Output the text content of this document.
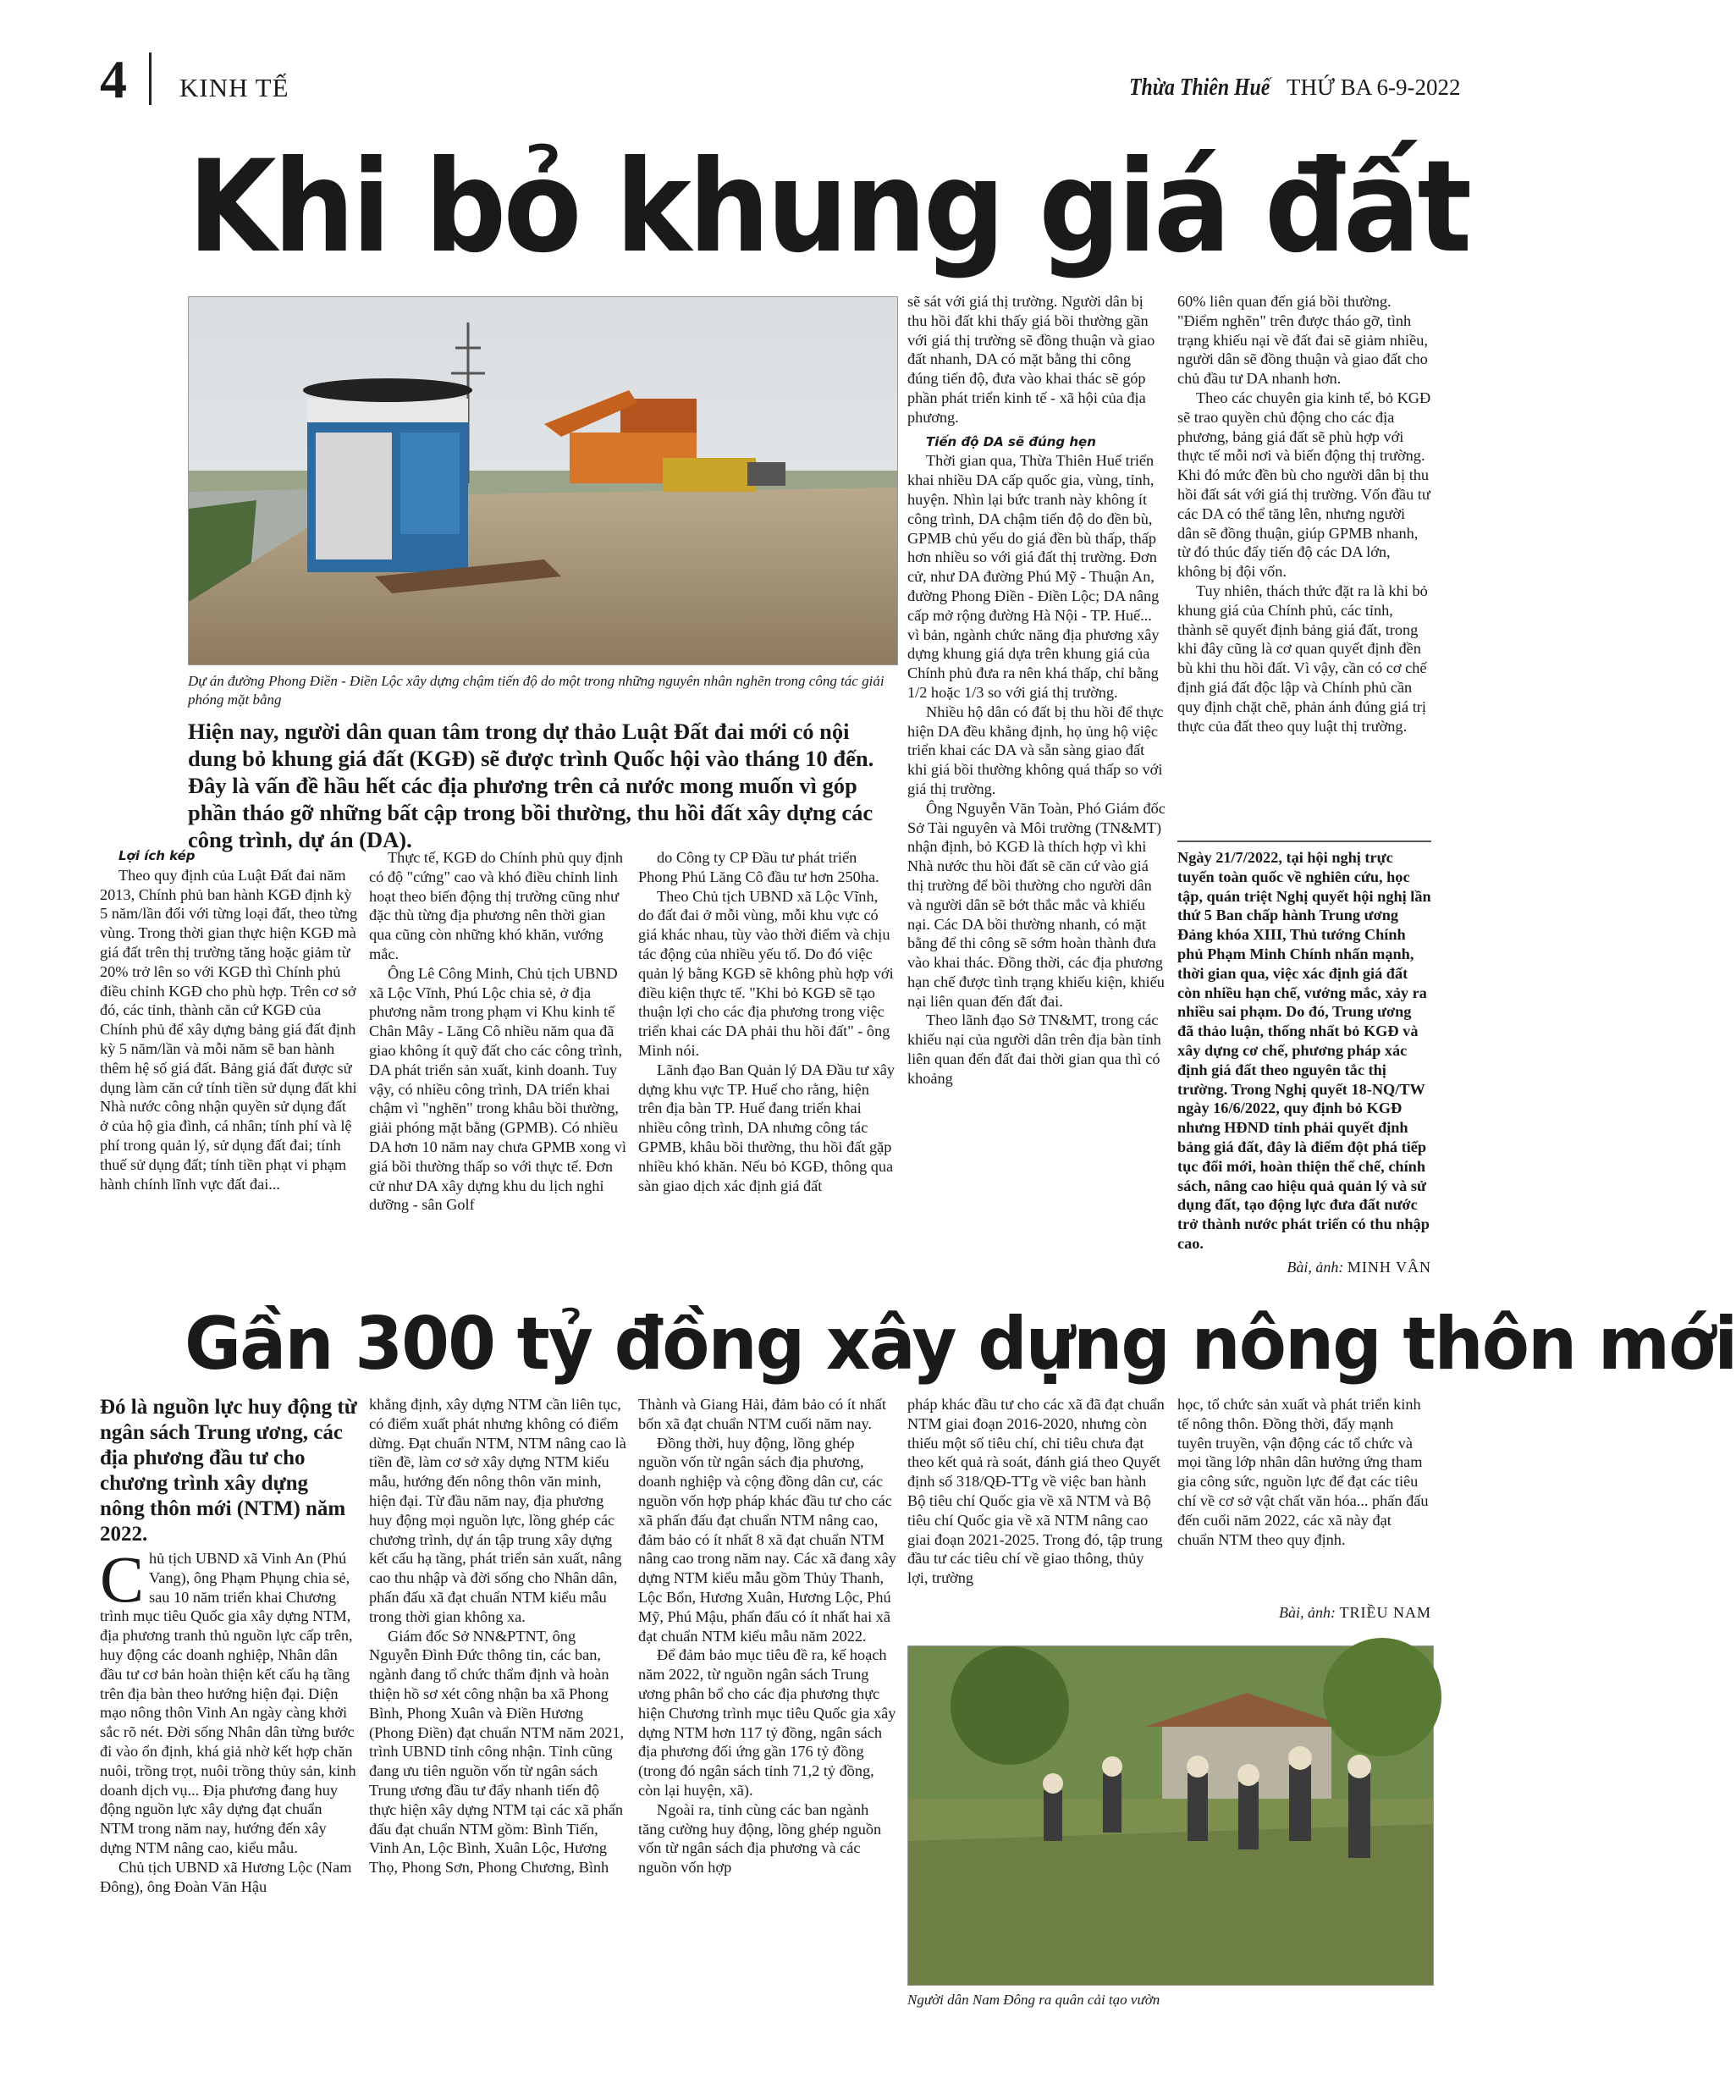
4 KINH TẾ	Thừa Thiên Huế THỨ BA 6-9-2022
Khi bỏ khung giá đất
Dự án đường Phong Điền - Điền Lộc xây dựng chậm tiến độ do một trong những nguyên nhân nghẽn trong công tác giải phóng mặt bằng
Hiện nay, người dân quan tâm trong dự thảo Luật Đất đai mới có nội dung bỏ khung giá đất (KGĐ) sẽ được trình Quốc hội vào tháng 10 đến. Đây là vấn đề hầu hết các địa phương trên cả nước mong muốn vì góp phần tháo gỡ những bất cập trong bồi thường, thu hồi đất xây dựng các công trình, dự án (DA).

Lợi ích kép

Theo quy định của Luật Đất đai năm 2013, Chính phủ ban hành KGĐ định kỳ 5 năm/lần đối với từng loại đất, theo từng vùng. Trong thời gian thực hiện KGĐ mà giá đất trên thị trường tăng hoặc giảm từ 20% trở lên so với KGĐ thì Chính phủ điều chỉnh KGĐ cho phù hợp. Trên cơ sở đó, các tỉnh, thành căn cứ KGĐ của Chính phủ để xây dựng bảng giá đất định kỳ 5 năm/lần và mỗi năm sẽ ban hành thêm hệ số giá đất. Bảng giá đất được sử dụng làm căn cứ tính tiền sử dụng đất khi Nhà nước công nhận quyền sử dụng đất ở của hộ gia đình, cá nhân; tính phí và lệ phí trong quản lý, sử dụng đất đai; tính thuế sử dụng đất; tính tiền phạt vi phạm hành chính lĩnh vực đất đai...

Thực tế, KGĐ do Chính phủ quy định có độ "cứng" cao và khó điều chỉnh linh hoạt theo biến động thị trường cũng như đặc thù từng địa phương nên thời gian qua cũng còn những khó khăn, vướng mắc.

Ông Lê Công Minh, Chủ tịch UBND xã Lộc Vĩnh, Phú Lộc chia sẻ, ở địa phương nằm trong phạm vi Khu kinh tế Chân Mây - Lăng Cô nhiều năm qua đã giao không ít quỹ đất cho các công trình, DA phát triển sản xuất, kinh doanh. Tuy vậy, có nhiều công trình, DA triển khai chậm vì "nghẽn" trong khâu bồi thường, giải phóng mặt bằng (GPMB). Có nhiều DA hơn 10 năm nay chưa GPMB xong vì giá bồi thường thấp so với thực tế. Đơn cử như DA xây dựng khu du lịch nghỉ dưỡng - sân Golf

do Công ty CP Đầu tư phát triển Phong Phú Lăng Cô đầu tư hơn 250ha.

Theo Chủ tịch UBND xã Lộc Vĩnh, do đất đai ở mỗi vùng, mỗi khu vực có giá khác nhau, tùy vào thời điểm và chịu tác động của nhiều yếu tố. Do đó việc quản lý bằng KGĐ sẽ không phù hợp với điều kiện thực tế. "Khi bỏ KGĐ sẽ tạo thuận lợi cho các địa phương trong việc triển khai các DA phải thu hồi đất" - ông Minh nói.

Lãnh đạo Ban Quản lý DA Đầu tư xây dựng khu vực TP. Huế cho rằng, hiện trên địa bàn TP. Huế đang triển khai nhiều công trình, DA nhưng công tác GPMB, khâu bồi thường, thu hồi đất gặp nhiều khó khăn. Nếu bỏ KGĐ, thông qua sàn giao dịch xác định giá đất

sẽ sát với giá thị trường. Người dân bị thu hồi đất khi thấy giá bồi thường gần với giá thị trường sẽ đồng thuận và giao đất nhanh, DA có mặt bằng thi công đúng tiến độ, đưa vào khai thác sẽ góp phần phát triển kinh tế - xã hội của địa phương.

Tiến độ DA sẽ đúng hẹn

Thời gian qua, Thừa Thiên Huế triển khai nhiều DA cấp quốc gia, vùng, tỉnh, huyện. Nhìn lại bức tranh này không ít công trình, DA chậm tiến độ do đền bù, GPMB chủ yếu do giá đền bù thấp, thấp hơn nhiều so với giá đất thị trường. Đơn cử, như DA đường Phú Mỹ - Thuận An, đường Phong Điền - Điền Lộc; DA nâng cấp mở rộng đường Hà Nội - TP. Huế... vì bản, ngành chức năng địa phương xây dựng khung giá dựa trên khung giá của Chính phủ đưa ra nên khá thấp, chỉ bằng 1/2 hoặc 1/3 so với giá thị trường.

Nhiều hộ dân có đất bị thu hồi để thực hiện DA đều khẳng định, họ ủng hộ việc triển khai các DA và sẵn sàng giao đất khi giá bồi thường không quá thấp so với giá thị trường.

Ông Nguyễn Văn Toàn, Phó Giám đốc Sở Tài nguyên và Môi trường (TN&MT) nhận định, bỏ KGĐ là thích hợp vì khi Nhà nước thu hồi đất sẽ căn cứ vào giá thị trường để bồi thường cho người dân và người dân sẽ bớt thắc mắc và khiếu nại. Các DA bồi thường nhanh, có mặt bằng để thi công sẽ sớm hoàn thành đưa vào khai thác. Đồng thời, các địa phương hạn chế được tình trạng khiếu kiện, khiếu nại liên quan đến đất đai.

Theo lãnh đạo Sở TN&MT, trong các khiếu nại của người dân trên địa bàn tỉnh liên quan đến đất đai thời gian qua thì có khoảng

60% liên quan đến giá bồi thường. "Điểm nghẽn" trên được tháo gỡ, tình trạng khiếu nại về đất đai sẽ giảm nhiều, người dân sẽ đồng thuận và giao đất cho chủ đầu tư DA nhanh hơn.

Theo các chuyên gia kinh tế, bỏ KGĐ sẽ trao quyền chủ động cho các địa phương, bảng giá đất sẽ phù hợp với thực tế mỗi nơi và biến động thị trường. Khi đó mức đền bù cho người dân bị thu hồi đất sát với giá thị trường. Vốn đầu tư các DA có thể tăng lên, nhưng người dân sẽ đồng thuận, giúp GPMB nhanh, từ đó thúc đẩy tiến độ các DA lớn, không bị đội vốn.

Tuy nhiên, thách thức đặt ra là khi bỏ khung giá của Chính phủ, các tỉnh, thành sẽ quyết định bảng giá đất, trong khi đây cũng là cơ quan quyết định đền bù khi thu hồi đất. Vì vậy, cần có cơ chế định giá đất độc lập và Chính phủ cần quy định chặt chẽ, phản ánh đúng giá trị thực của đất theo quy luật thị trường.

Ngày 21/7/2022, tại hội nghị trực tuyến toàn quốc về nghiên cứu, học tập, quán triệt Nghị quyết hội nghị lần thứ 5 Ban chấp hành Trung ương Đảng khóa XIII, Thủ tướng Chính phủ Phạm Minh Chính nhấn mạnh, thời gian qua, việc xác định giá đất còn nhiều hạn chế, vướng mắc, xảy ra nhiều sai phạm. Do đó, Trung ương đã thảo luận, thống nhất bỏ KGĐ và xây dựng cơ chế, phương pháp xác định giá đất theo nguyên tắc thị trường. Trong Nghị quyết 18-NQ/TW ngày 16/6/2022, quy định bỏ KGĐ nhưng HĐND tỉnh phải quyết định bảng giá đất, đây là điểm đột phá tiếp tục đổi mới, hoàn thiện thể chế, chính sách, nâng cao hiệu quả quản lý và sử dụng đất, tạo động lực đưa đất nước trở thành nước phát triển có thu nhập cao.
Bài, ảnh: MINH VÂN
Gần 300 tỷ đồng xây dựng nông thôn mới
Đó là nguồn lực huy động từ ngân sách Trung ương, các địa phương đầu tư cho chương trình xây dựng nông thôn mới (NTM) năm 2022.

Chủ tịch UBND xã Vinh An (Phú Vang), ông Phạm Phụng chia sẻ, sau 10 năm triển khai Chương trình mục tiêu Quốc gia xây dựng NTM, địa phương tranh thủ nguồn lực cấp trên, huy động các doanh nghiệp, Nhân dân đầu tư cơ bản hoàn thiện kết cấu hạ tầng trên địa bàn theo hướng hiện đại. Diện mạo nông thôn Vinh An ngày càng khởi sắc rõ nét. Đời sống Nhân dân từng bước đi vào ổn định, khá giả nhờ kết hợp chăn nuôi, trồng trọt, nuôi trồng thủy sản, kinh doanh dịch vụ... Địa phương đang huy động nguồn lực xây dựng đạt chuẩn NTM trong năm nay, hướng đến xây dựng NTM nâng cao, kiểu mẫu.

Chủ tịch UBND xã Hương Lộc (Nam Đông), ông Đoàn Văn Hậu

khẳng định, xây dựng NTM cần liên tục, có điểm xuất phát nhưng không có điểm dừng. Đạt chuẩn NTM, NTM nâng cao là tiền đề, làm cơ sở xây dựng NTM kiểu mẫu, hướng đến nông thôn văn minh, hiện đại. Từ đầu năm nay, địa phương huy động mọi nguồn lực, lồng ghép các chương trình, dự án tập trung xây dựng kết cấu hạ tầng, phát triển sản xuất, nâng cao thu nhập và đời sống cho Nhân dân, phấn đấu xã đạt chuẩn NTM kiểu mẫu trong thời gian không xa.

Giám đốc Sở NN&PTNT, ông Nguyễn Đình Đức thông tin, các ban, ngành đang tổ chức thẩm định và hoàn thiện hồ sơ xét công nhận ba xã Phong Bình, Phong Xuân và Điền Hương (Phong Điền) đạt chuẩn NTM năm 2021, trình UBND tỉnh công nhận. Tỉnh cũng đang ưu tiên nguồn vốn từ ngân sách Trung ương đầu tư đẩy nhanh tiến độ thực hiện xây dựng NTM tại các xã phấn đấu đạt chuẩn NTM gồm: Bình Tiến, Vinh An, Lộc Bình, Xuân Lộc, Hương Thọ, Phong Sơn, Phong Chương, Bình

Thành và Giang Hải, đảm bảo có ít nhất bốn xã đạt chuẩn NTM cuối năm nay.

Đồng thời, huy động, lồng ghép nguồn vốn từ ngân sách địa phương, doanh nghiệp và cộng đồng dân cư, các nguồn vốn hợp pháp khác đầu tư cho các xã phấn đấu đạt chuẩn NTM nâng cao, đảm bảo có ít nhất 8 xã đạt chuẩn NTM nâng cao trong năm nay. Các xã đang xây dựng NTM kiểu mẫu gồm Thủy Thanh, Lộc Bổn, Hương Xuân, Hương Lộc, Phú Mỹ, Phú Mậu, phấn đấu có ít nhất hai xã đạt chuẩn NTM kiểu mẫu năm 2022.

Để đảm bảo mục tiêu đề ra, kế hoạch năm 2022, từ nguồn ngân sách Trung ương phân bổ cho các địa phương thực hiện Chương trình mục tiêu Quốc gia xây dựng NTM hơn 117 tỷ đồng, ngân sách địa phương đối ứng gần 176 tỷ đồng (trong đó ngân sách tỉnh 71,2 tỷ đồng, còn lại huyện, xã).

Ngoài ra, tỉnh cùng các ban ngành tăng cường huy động, lồng ghép nguồn vốn từ ngân sách địa phương và các nguồn vốn hợp

pháp khác đầu tư cho các xã đã đạt chuẩn NTM giai đoạn 2016-2020, nhưng còn thiếu một số tiêu chí, chỉ tiêu chưa đạt theo kết quả rà soát, đánh giá theo Quyết định số 318/QĐ-TTg về việc ban hành Bộ tiêu chí Quốc gia về xã NTM và Bộ tiêu chí Quốc gia về xã NTM nâng cao giai đoạn 2021-2025. Trong đó, tập trung đầu tư các tiêu chí về giao thông, thủy lợi, trường

học, tổ chức sản xuất và phát triển kinh tế nông thôn. Đồng thời, đẩy mạnh tuyên truyền, vận động các tổ chức và mọi tầng lớp nhân dân hưởng ứng tham gia công sức, nguồn lực để đạt các tiêu chí về cơ sở vật chất văn hóa... phấn đấu đến cuối năm 2022, các xã này đạt chuẩn NTM theo quy định.

Bài, ảnh: TRIỀU NAM
Người dân Nam Đông ra quân cải tạo vườn
